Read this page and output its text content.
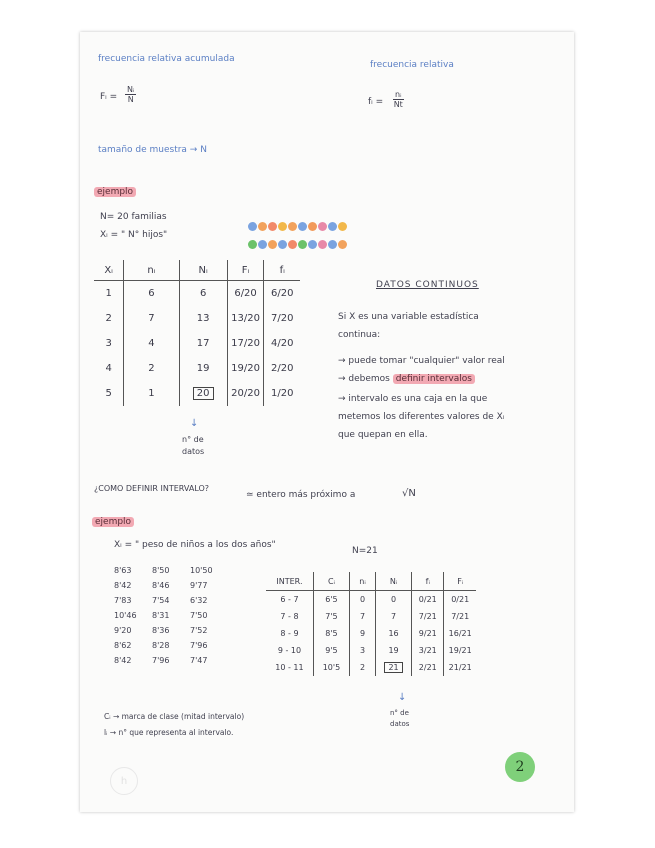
frecuencia relativa acumulada
frecuencia relativa
Fᵢ = $\frac{\text{Nᵢ}}{N}$	fᵢ = $\frac{\text{nᵢ}}{Nt}$
tamaño de muestra → N
ejemplo
N= 20 familias
Xᵢ = " N° hijos"
Xᵢ	nᵢ	Nᵢ	Fᵢ	fᵢ
1	6	6	6/20	6/20
2	7	13	13/20	7/20
3	4	17	17/20	4/20
4	2	19	19/20	2/20
5	1	20	20/20	1/20
↓
n° de datos
DATOS CONTINUOS
Si X es una variable estadística
continua:
→ puede tomar "cualquier" valor real
→ debemos definir intervalos
→ intervalo es una caja en la que
metemos los diferentes valores de Xᵢ
que quepan en ella.
¿COMO DEFINIR INTERVALO?
≃ entero más próximo a	√N
ejemplo
Xᵢ = " peso de niños a los dos años"
N=21
8'63	8'50	10'50
8'42	8'46	9'77
7'83	7'54	6'32
10'46 8'31	7'50
9'20	8'36	7'52
8'62	8'28	7'96
8'42	7'96	7'47
INTER.	Cᵢ	nᵢ	Nᵢ	fᵢ	Fᵢ
6 - 7	6'5	0	0	0/21	0/21
7 - 8	7'5	7	7	7/21	7/21
8 - 9	8'5	9	16	9/21	16/21
9 - 10	9'5	3	19	3/21	19/21
10 - 11	10'5	2	21	2/21	21/21
↓
n° de datos
Cᵢ → marca de clase (mitad intervalo)
lᵢ → n° que representa al intervalo.
h
2
